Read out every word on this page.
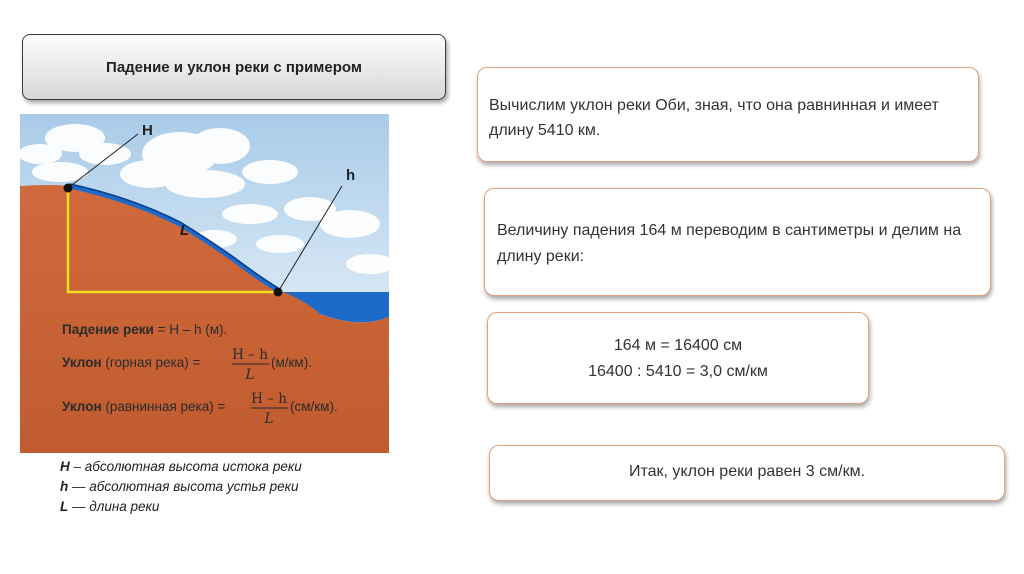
Падение и уклон реки с примером
H
h
L
Падение реки = H – h (м).
Уклон (горная река) = H – h
L
(м/км).
Уклон (равнинная река) = H – h
L
(см/км).
H – абсолютная высота истока реки
h — абсолютная высота устья реки
L — длина реки
Вычислим уклон реки Оби, зная, что она равнинная и имеет длину 5410 км.
Величину падения 164 м переводим в сантиметры и делим на длину реки:
164 м = 16400 см
16400 : 5410 = 3,0 см/км
Итак, уклон реки равен 3 см/км.
